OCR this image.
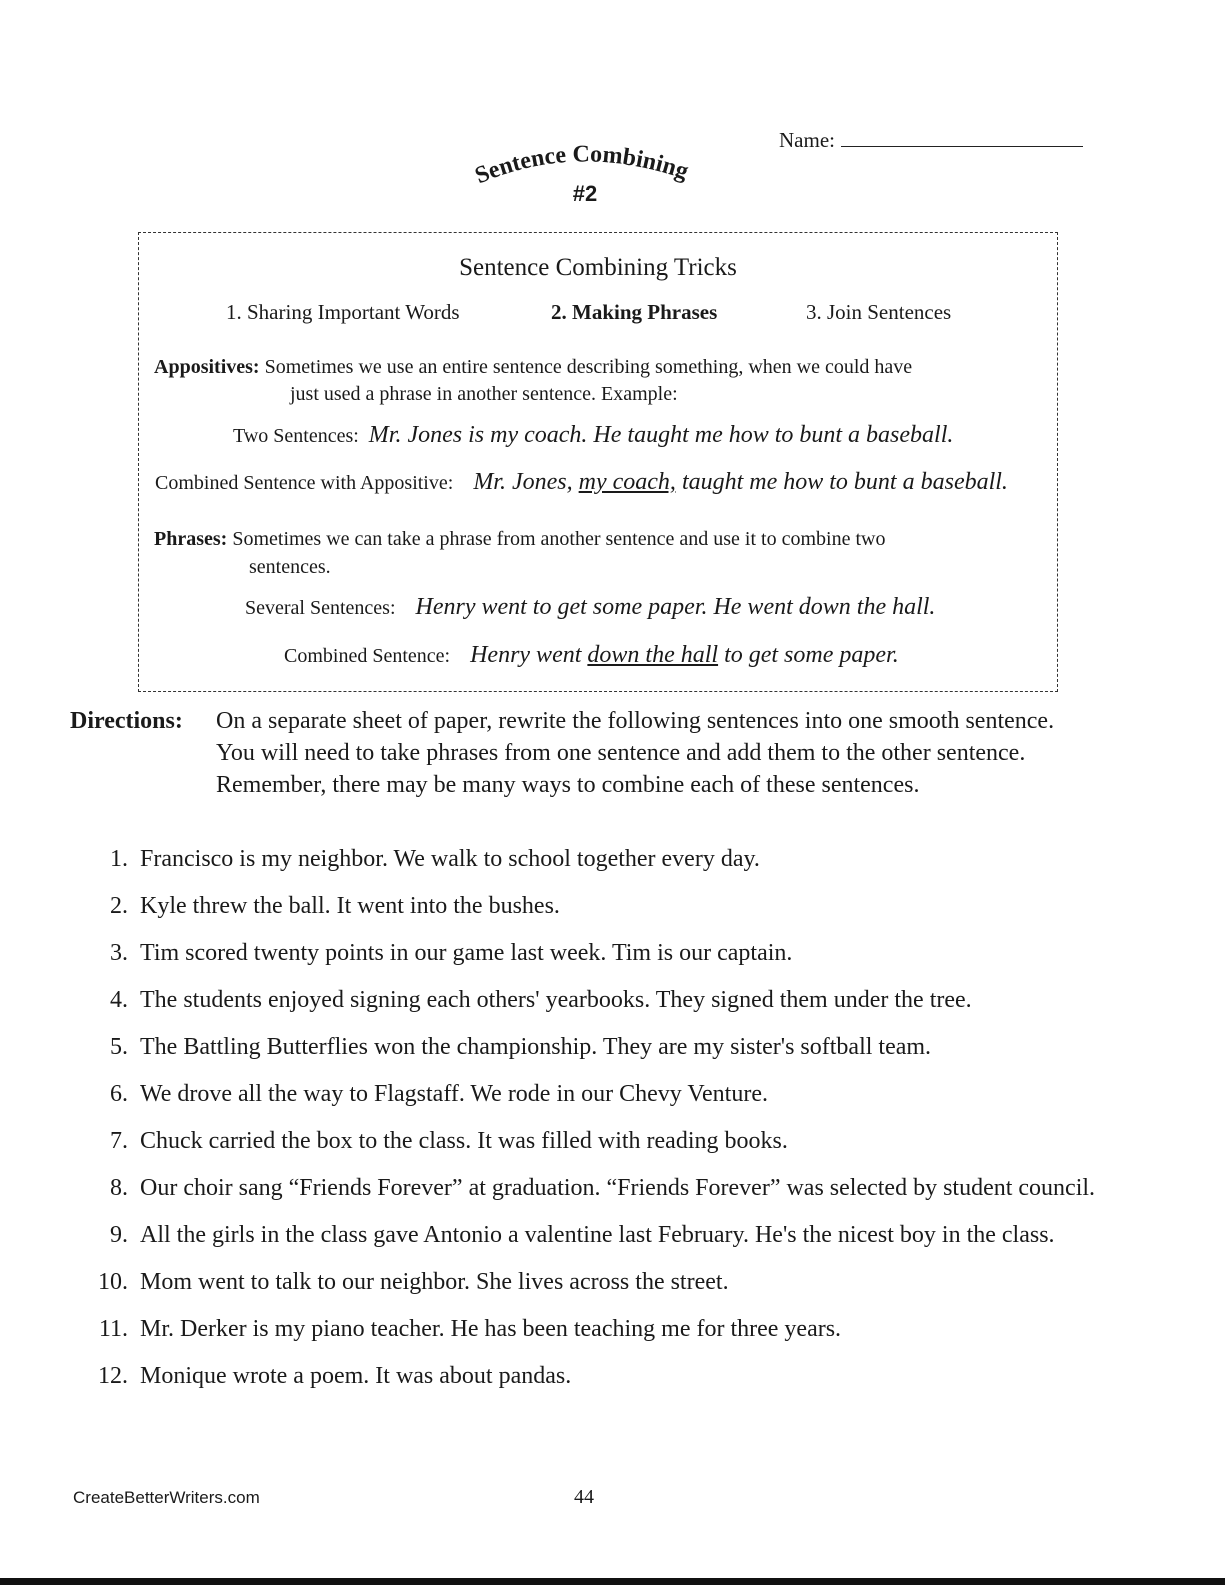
Name:
Sentence Combining
#2
Sentence Combining Tricks
1. Sharing Important Words	2. Making Phrases	3. Join Sentences
Appositives: Sometimes we use an entire sentence describing something, when we could have
just used a phrase in another sentence. Example:
Two Sentences: Mr. Jones is my coach. He taught me how to bunt a baseball.
Combined Sentence with Appositive: Mr. Jones, my coach, taught me how to bunt a baseball.
Phrases: Sometimes we can take a phrase from another sentence and use it to combine two
sentences.
Several Sentences: Henry went to get some paper. He went down the hall.
Combined Sentence: Henry went down the hall to get some paper.
Directions: On a separate sheet of paper, rewrite the following sentences into one smooth sentence. You will need to take phrases from one sentence and add them to the other sentence. Remember, there may be many ways to combine each of these sentences.
1. Francisco is my neighbor. We walk to school together every day.
2. Kyle threw the ball. It went into the bushes.
3. Tim scored twenty points in our game last week. Tim is our captain.
4. The students enjoyed signing each others' yearbooks. They signed them under the tree.
5. The Battling Butterflies won the championship. They are my sister's softball team.
6. We drove all the way to Flagstaff. We rode in our Chevy Venture.
7. Chuck carried the box to the class. It was filled with reading books.
8. Our choir sang “Friends Forever” at graduation. “Friends Forever” was selected by student council.
9. All the girls in the class gave Antonio a valentine last February. He's the nicest boy in the class.
10. Mom went to talk to our neighbor. She lives across the street.
11. Mr. Derker is my piano teacher. He has been teaching me for three years.
12. Monique wrote a poem. It was about pandas.
CreateBetterWriters.com	44
